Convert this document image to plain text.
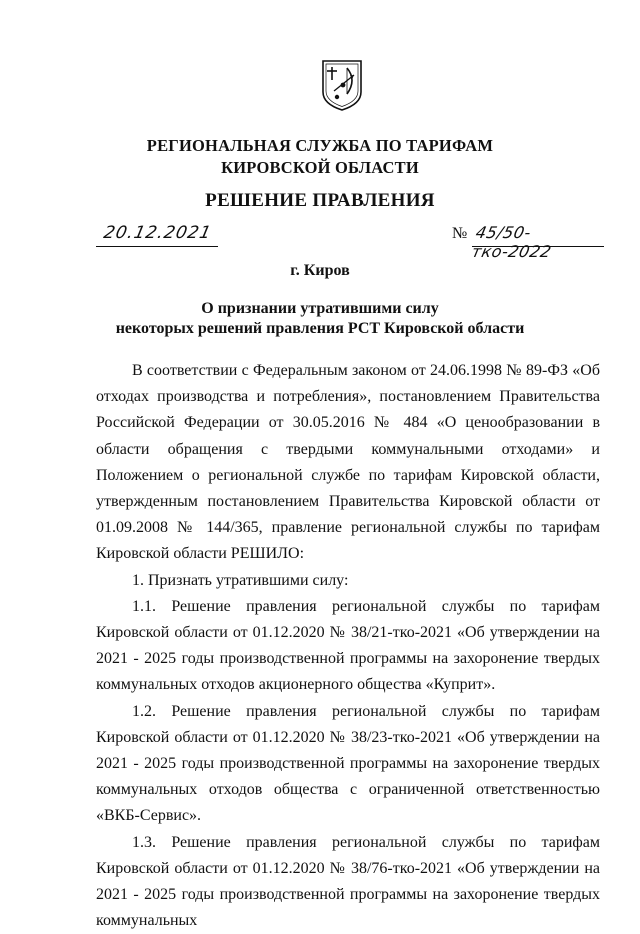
РЕГИОНАЛЬНАЯ СЛУЖБА ПО ТАРИФАМ
КИРОВСКОЙ ОБЛАСТИ
РЕШЕНИЕ ПРАВЛЕНИЯ
20.12.2021	№ 45/50-тко-2022
г. Киров
О признании утратившими силу
некоторых решений правления РСТ Кировской области

В соответствии с Федеральным законом от 24.06.1998 № 89-ФЗ «Об отходах производства и потребления», постановлением Правительства Российской Федерации от 30.05.2016 № 484 «О ценообразовании в области обращения с твердыми коммунальными отходами» и Положением о региональной службе по тарифам Кировской области, утвержденным постановлением Правительства Кировской области от 01.09.2008 № 144/365, правление региональной службы по тарифам Кировской области РЕШИЛО:

1. Признать утратившими силу:

1.1. Решение правления региональной службы по тарифам Кировской области от 01.12.2020 № 38/21-тко-2021 «Об утверждении на 2021 - 2025 годы производственной программы на захоронение твердых коммунальных отходов акционерного общества «Куприт».

1.2. Решение правления региональной службы по тарифам Кировской области от 01.12.2020 № 38/23-тко-2021 «Об утверждении на 2021 - 2025 годы производственной программы на захоронение твердых коммунальных отходов общества с ограниченной ответственностью «ВКБ-Сервис».

1.3. Решение правления региональной службы по тарифам Кировской области от 01.12.2020 № 38/76-тко-2021 «Об утверждении на 2021 - 2025 годы производственной программы на захоронение твердых коммунальных
